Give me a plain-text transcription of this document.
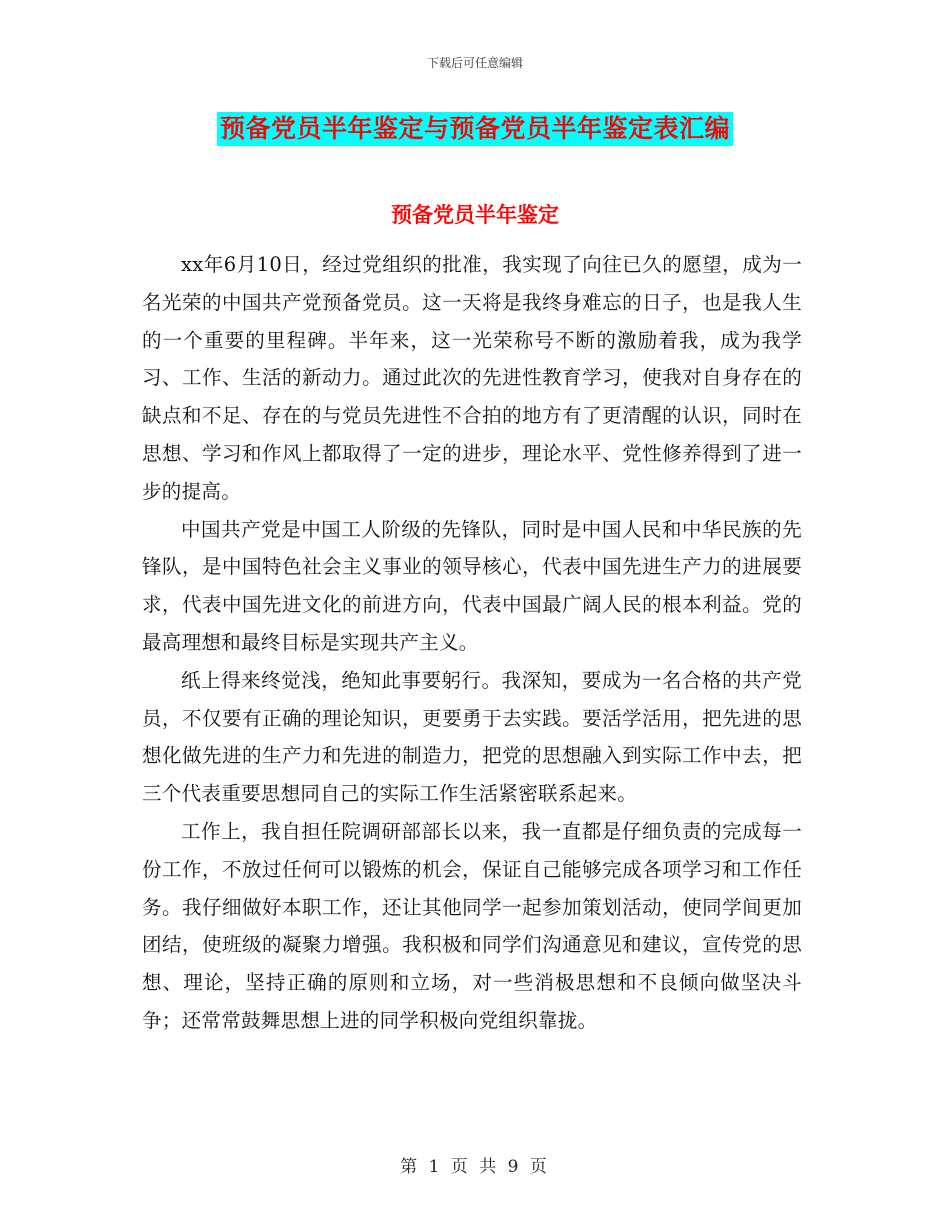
下载后可任意编辑
预备党员半年鉴定与预备党员半年鉴定表汇编
预备党员半年鉴定

xx年6月10日，经过党组织的批准，我实现了向往已久的愿望，成为一名光荣的中国共产党预备党员。这一天将是我终身难忘的日子，也是我人生的一个重要的里程碑。半年来，这一光荣称号不断的激励着我，成为我学习、工作、生活的新动力。通过此次的先进性教育学习，使我对自身存在的缺点和不足、存在的与党员先进性不合拍的地方有了更清醒的认识，同时在思想、学习和作风上都取得了一定的进步，理论水平、党性修养得到了进一步的提高。

中国共产党是中国工人阶级的先锋队，同时是中国人民和中华民族的先锋队，是中国特色社会主义事业的领导核心，代表中国先进生产力的进展要求，代表中国先进文化的前进方向，代表中国最广阔人民的根本利益。党的最高理想和最终目标是实现共产主义。

纸上得来终觉浅，绝知此事要躬行。我深知，要成为一名合格的共产党员，不仅要有正确的理论知识，更要勇于去实践。要活学活用，把先进的思想化做先进的生产力和先进的制造力，把党的思想融入到实际工作中去，把三个代表重要思想同自己的实际工作生活紧密联系起来。

工作上，我自担任院调研部部长以来，我一直都是仔细负责的完成每一份工作，不放过任何可以锻炼的机会，保证自己能够完成各项学习和工作任务。我仔细做好本职工作，还让其他同学一起参加策划活动，使同学间更加团结，使班级的凝聚力增强。我积极和同学们沟通意见和建议，宣传党的思想、理论，坚持正确的原则和立场，对一些消极思想和不良倾向做坚决斗争；还常常鼓舞思想上进的同学积极向党组织靠拢。

第 1 页 共 9 页
